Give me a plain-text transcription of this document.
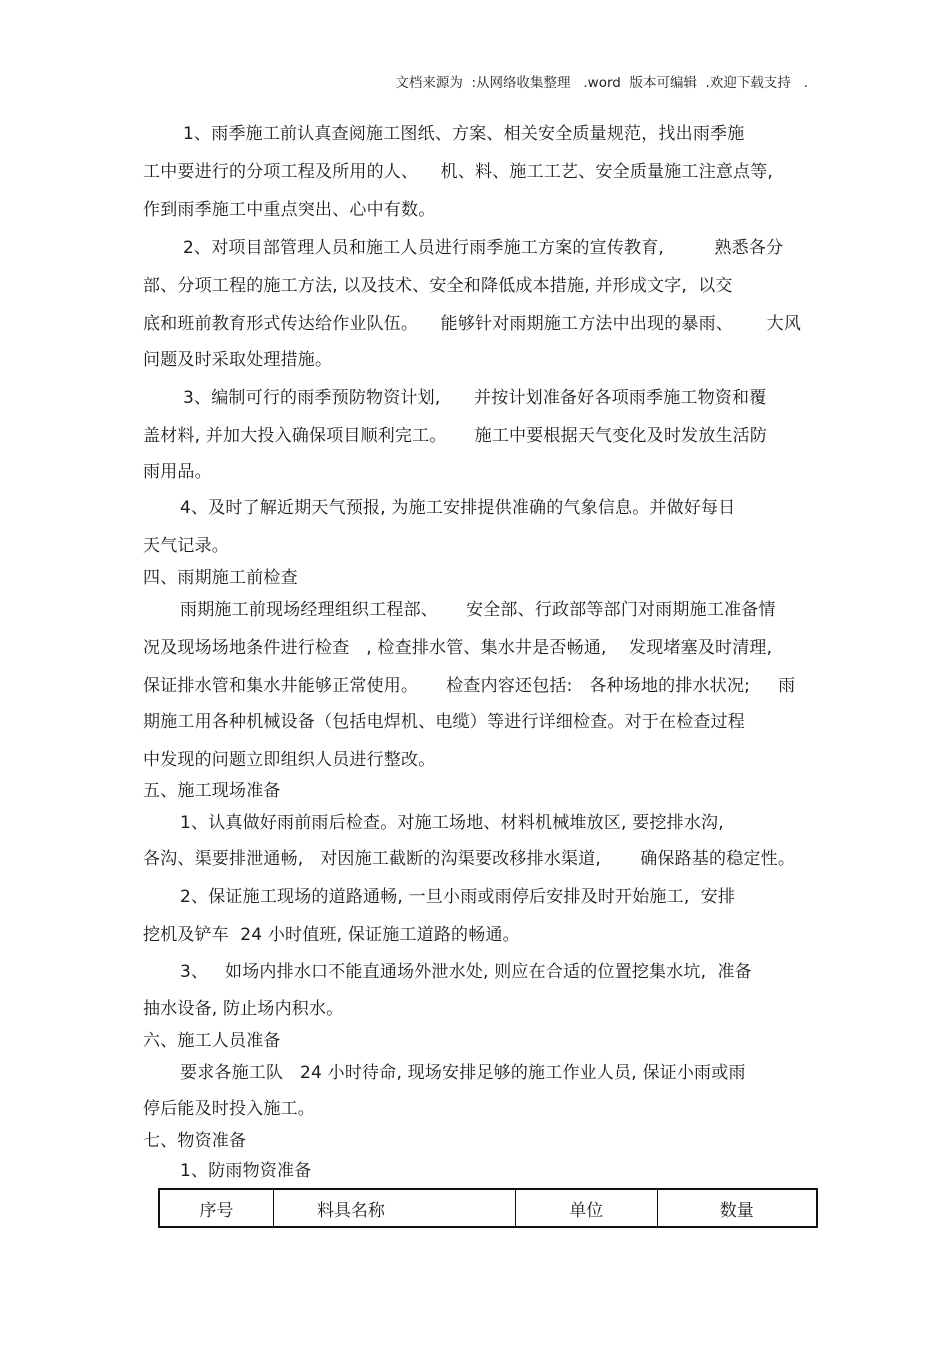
文档来源为  :从网络收集整理   .word  版本可编辑  .欢迎下载支持   .
1、雨季施工前认真查阅施工图纸、方案、相关安全质量规范，找出雨季施
工中要进行的分项工程及所用的人、    机、料、施工工艺、安全质量施工注意点等,
作到雨季施工中重点突出、心中有数。
2、对项目部管理人员和施工人员进行雨季施工方案的宣传教育,         熟悉各分
部、分项工程的施工方法, 以及技术、安全和降低成本措施, 并形成文字,  以交
底和班前教育形式传达给作业队伍。    能够针对雨期施工方法中出现的暴雨、      大风
问题及时采取处理措施。
3、编制可行的雨季预防物资计划,      并按计划准备好各项雨季施工物资和覆
盖材料, 并加大投入确保项目顺利完工。     施工中要根据天气变化及时发放生活防
雨用品。
4、及时了解近期天气预报, 为施工安排提供准确的气象信息。并做好每日
天气记录。
四、雨期施工前检查
雨期施工前现场经理组织工程部、     安全部、行政部等部门对雨期施工准备情
况及现场场地条件进行检查   , 检查排水管、集水井是否畅通,    发现堵塞及时清理,
保证排水管和集水井能够正常使用。     检查内容还包括:   各种场地的排水状况;     雨
期施工用各种机械设备（包括电焊机、电缆）等进行详细检查。对于在检查过程
中发现的问题立即组织人员进行整改。
五、施工现场准备
1、认真做好雨前雨后检查。对施工场地、材料机械堆放区, 要挖排水沟,
各沟、渠要排泄通畅,   对因施工截断的沟渠要改移排水渠道,       确保路基的稳定性。
2、保证施工现场的道路通畅, 一旦小雨或雨停后安排及时开始施工,  安排
挖机及铲车  24 小时值班, 保证施工道路的畅通。
3、   如场内排水口不能直通场外泄水处, 则应在合适的位置挖集水坑,  准备
抽水设备, 防止场内积水。
六、施工人员准备
要求各施工队   24 小时待命, 现场安排足够的施工作业人员, 保证小雨或雨
停后能及时投入施工。
七、物资准备
1、防雨物资准备
序号	料具名称	单位	数量
